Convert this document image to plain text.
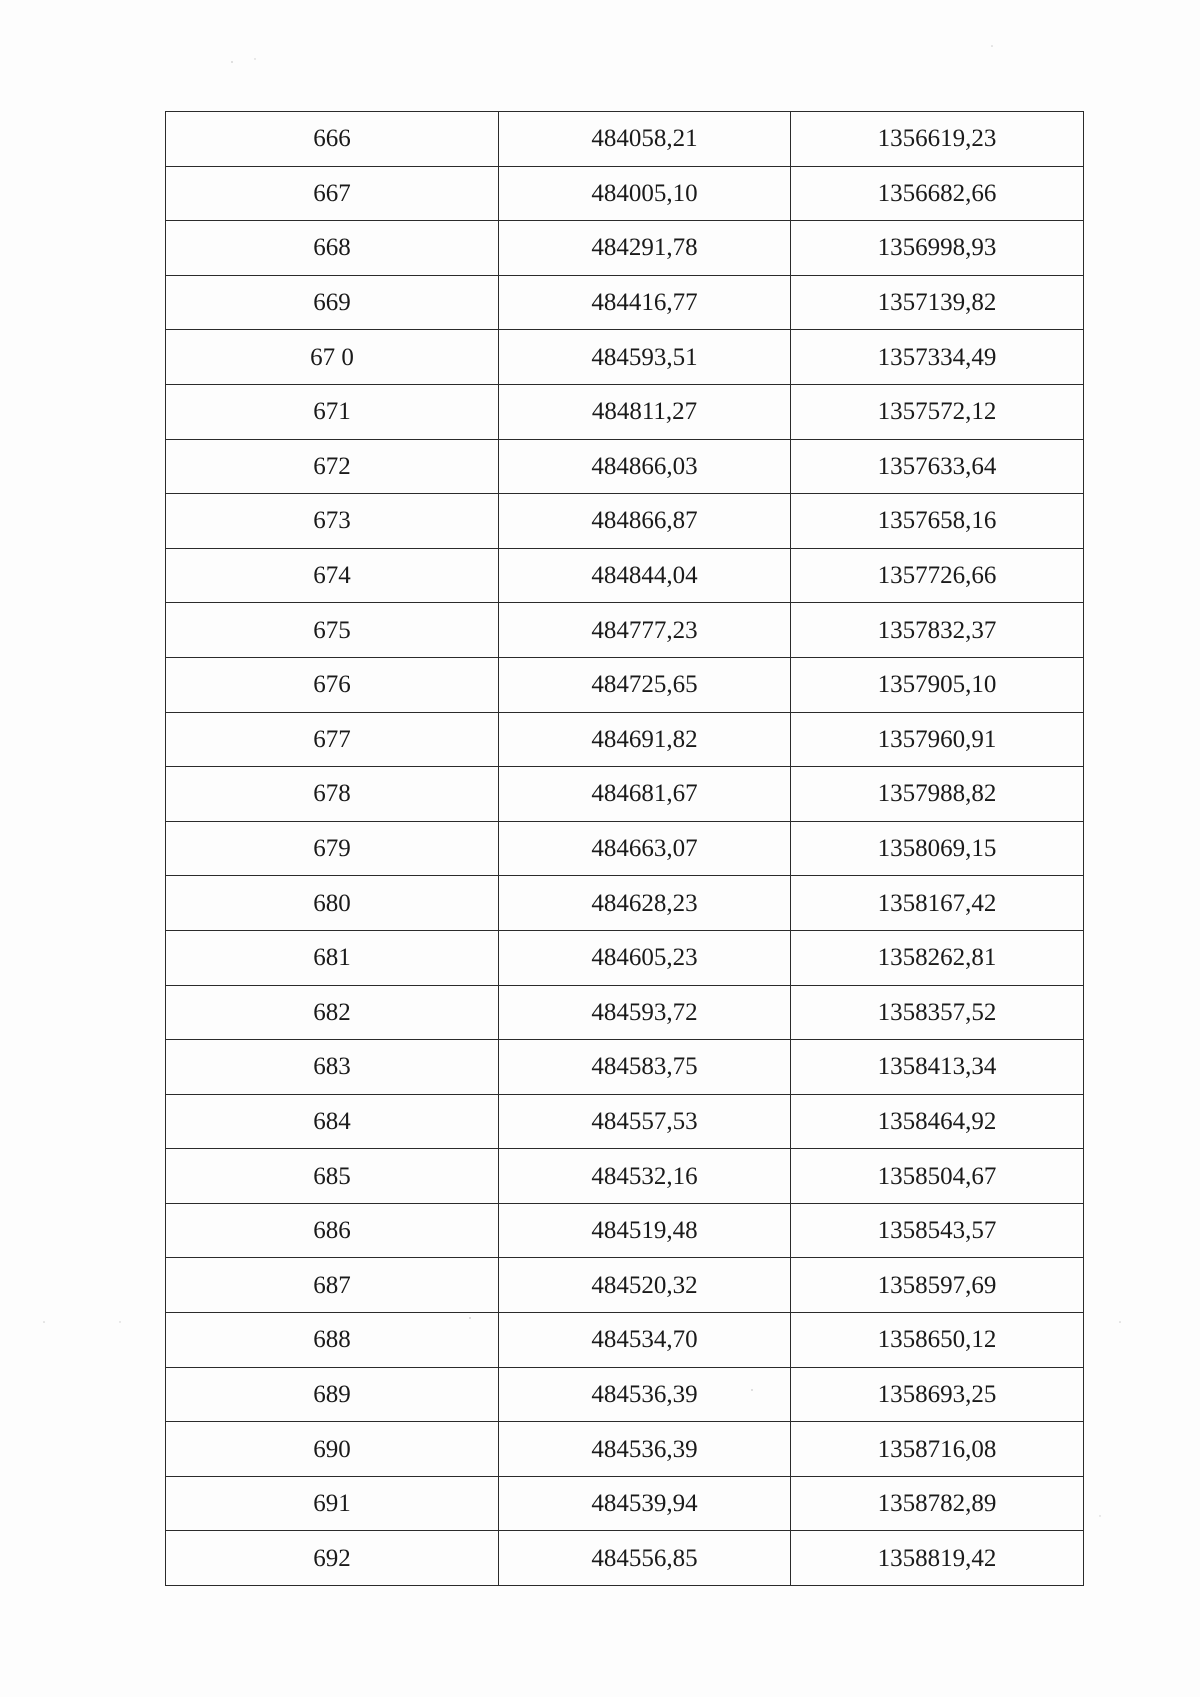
666	484058,21	1356619,23
667	484005,10	1356682,66
668	484291,78	1356998,93
669	484416,77	1357139,82
67 0	484593,51	1357334,49
671	484811,27	1357572,12
672	484866,03	1357633,64
673	484866,87	1357658,16
674	484844,04	1357726,66
675	484777,23	1357832,37
676	484725,65	1357905,10
677	484691,82	1357960,91
678	484681,67	1357988,82
679	484663,07	1358069,15
680	484628,23	1358167,42
681	484605,23	1358262,81
682	484593,72	1358357,52
683	484583,75	1358413,34
684	484557,53	1358464,92
685	484532,16	1358504,67
686	484519,48	1358543,57
687	484520,32	1358597,69
688	484534,70	1358650,12
689	484536,39	1358693,25
690	484536,39	1358716,08
691	484539,94	1358782,89
692	484556,85	1358819,42
